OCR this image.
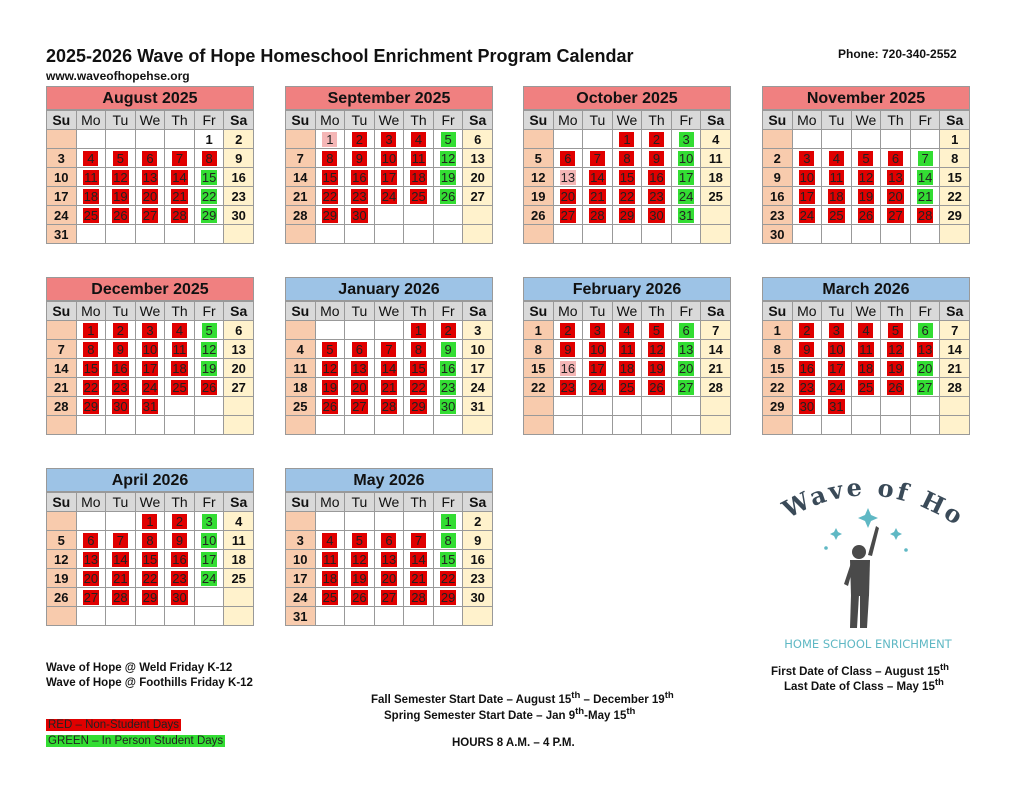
2025-2026 Wave of Hope Homeschool Enrichment Program Calendar
www.waveofhopehse.org
Phone: 720-340-2552
August 2025
Su	Mo	Tu	We	Th	Fr	Sa
					1	2
3	4	5	6	7	8	9
10	11	12	13	14	15	16
17	18	19	20	21	22	23
24	25	26	27	28	29	30
31						
September 2025
Su	Mo	Tu	We	Th	Fr	Sa
	1	2	3	4	5	6
7	8	9	10	11	12	13
14	15	16	17	18	19	20
21	22	23	24	25	26	27
28	29	30				

October 2025
Su	Mo	Tu	We	Th	Fr	Sa
			1	2	3	4
5	6	7	8	9	10	11
12	13	14	15	16	17	18
19	20	21	22	23	24	25
26	27	28	29	30	31	

November 2025
Su	Mo	Tu	We	Th	Fr	Sa
						1
2	3	4	5	6	7	8
9	10	11	12	13	14	15
16	17	18	19	20	21	22
23	24	25	26	27	28	29
30						
December 2025
Su	Mo	Tu	We	Th	Fr	Sa
	1	2	3	4	5	6
7	8	9	10	11	12	13
14	15	16	17	18	19	20
21	22	23	24	25	26	27
28	29	30	31			

January 2026
Su	Mo	Tu	We	Th	Fr	Sa
				1	2	3
4	5	6	7	8	9	10
11	12	13	14	15	16	17
18	19	20	21	22	23	24
25	26	27	28	29	30	31

February 2026
Su	Mo	Tu	We	Th	Fr	Sa
1	2	3	4	5	6	7
8	9	10	11	12	13	14
15	16	17	18	19	20	21
22	23	24	25	26	27	28

March 2026
Su	Mo	Tu	We	Th	Fr	Sa
1	2	3	4	5	6	7
8	9	10	11	12	13	14
15	16	17	18	19	20	21
22	23	24	25	26	27	28
29	30	31				

April 2026
Su	Mo	Tu	We	Th	Fr	Sa
			1	2	3	4
5	6	7	8	9	10	11
12	13	14	15	16	17	18
19	20	21	22	23	24	25
26	27	28	29	30		

May 2026
Su	Mo	Tu	We	Th	Fr	Sa
					1	2
3	4	5	6	7	8	9
10	11	12	13	14	15	16
17	18	19	20	21	22	23
24	25	26	27	28	29	30
31						
Wave of Hope @ Weld Friday K-12
Wave of Hope @ Foothills Friday K-12
Fall Semester Start Date – August 15th – December 19th
Spring Semester Start Date – Jan 9th-May 15th
First Date of Class – August 15th
Last Date of Class – May 15th
RED – Non-Student Days
GREEN – In Person Student Days	HOURS 8 A.M. – 4 P.M.
Wave of Ho
HOME SCHOOL ENRICHMENT
